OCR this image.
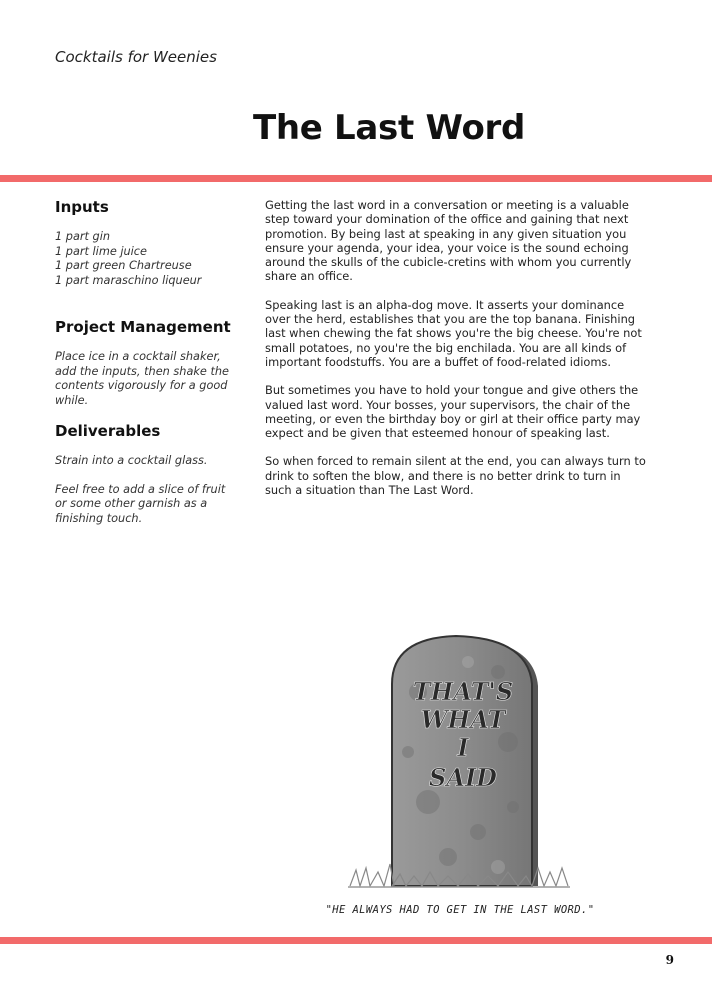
Cocktails for Weenies
The Last Word
Inputs

1 part gin

1 part lime juice

1 part green Chartreuse

1 part maraschino liqueur

Project Management

Place ice in a cocktail shaker, add the inputs, then shake the contents vigorously for a good while.

Deliverables

Strain into a cocktail glass.

Feel free to add a slice of fruit or some other garnish as a finishing touch.

Getting the last word in a conversation or meeting is a valuable step toward your domination of the office and gaining that next promotion. By being last at speaking in any given situation you ensure your agenda, your idea, your voice is the sound echoing around the skulls of the cubicle-cretins with whom you currently share an office.

Speaking last is an alpha-dog move. It asserts your dominance over the herd, establishes that you are the top banana. Finishing last when chewing the fat shows you're the big cheese. You're not small potatoes, no you're the big enchilada. You are all kinds of important foodstuffs. You are a buffet of food-related idioms.

But sometimes you have to hold your tongue and give others the valued last word. Your bosses, your supervisors, the chair of the meeting, or even the birthday boy or girl at their office party may expect and be given that esteemed honour of speaking last.

So when forced to remain silent at the end, you can always turn to drink to soften the blow, and there is no better drink to turn in such a situation than The Last Word.

THAT'S
WHAT
I
SAID
"HE ALWAYS HAD TO GET IN THE LAST WORD."
9
